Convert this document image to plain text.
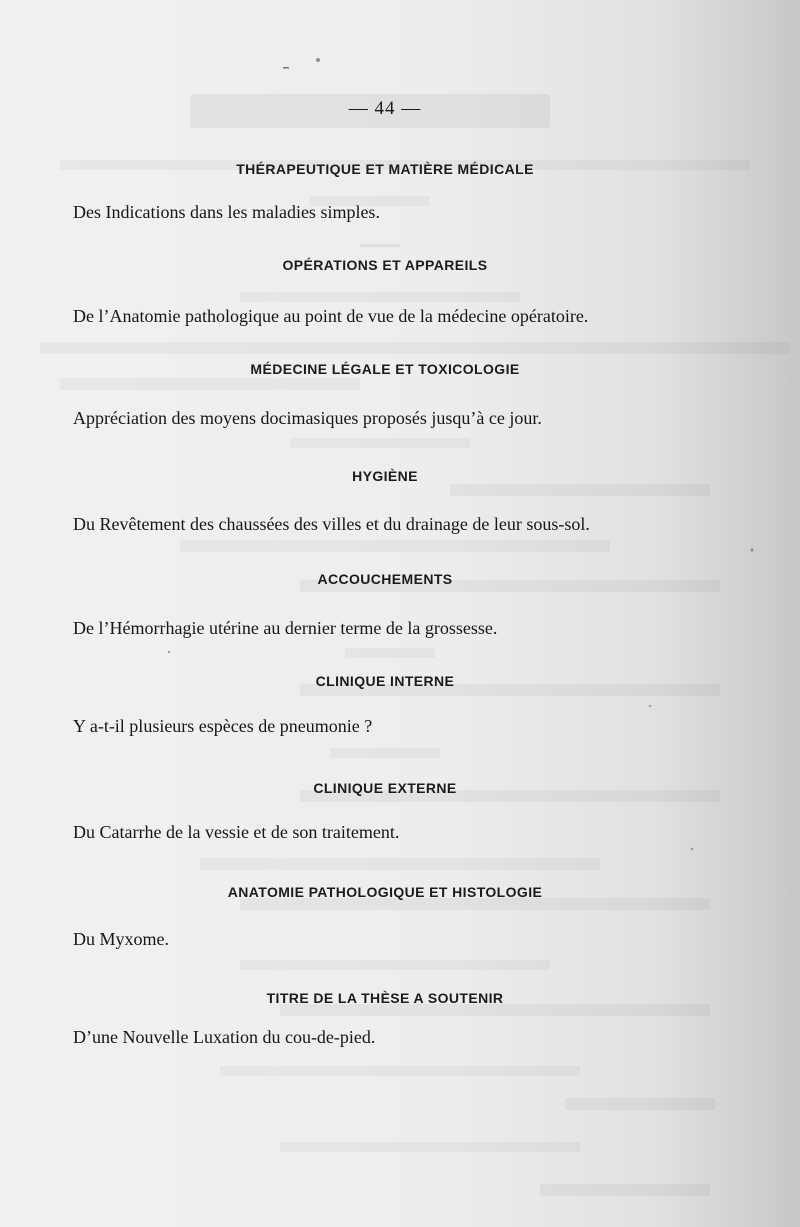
— 44 —
THÉRAPEUTIQUE ET MATIÈRE MÉDICALE
Des Indications dans les maladies simples.
OPÉRATIONS ET APPAREILS
De l’Anatomie pathologique au point de vue de la médecine opératoire.
MÉDECINE LÉGALE ET TOXICOLOGIE
Appréciation des moyens docimasiques proposés jusqu’à ce jour.
HYGIÈNE
Du Revêtement des chaussées des villes et du drainage de leur sous-sol.
ACCOUCHEMENTS
De l’Hémorrhagie utérine au dernier terme de la grossesse.
CLINIQUE INTERNE
Y a-t-il plusieurs espèces de pneumonie ?
CLINIQUE EXTERNE
Du Catarrhe de la vessie et de son traitement.
ANATOMIE PATHOLOGIQUE ET HISTOLOGIE
Du Myxome.
TITRE DE LA THÈSE A SOUTENIR
D’une Nouvelle Luxation du cou-de-pied.
